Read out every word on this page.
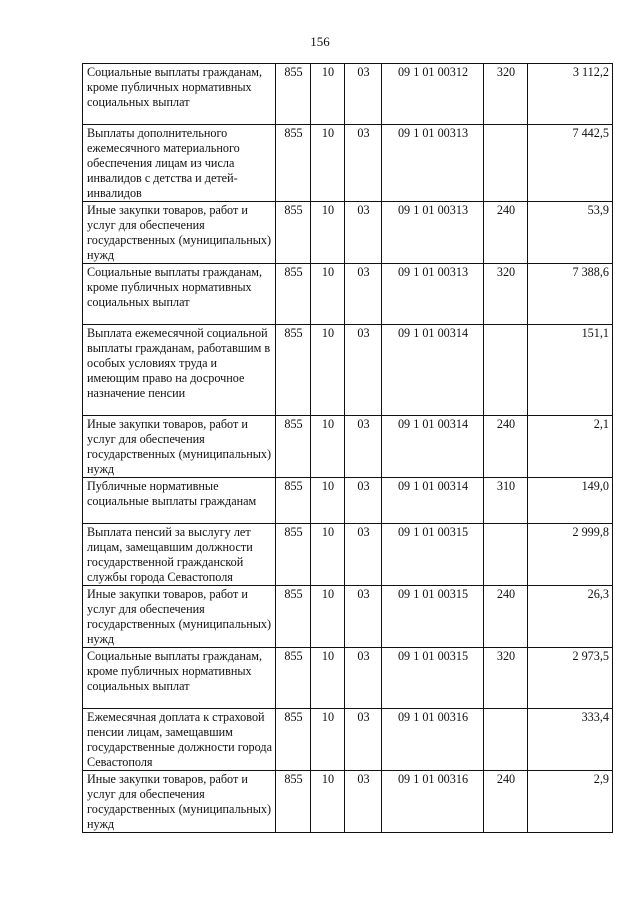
156
Социальные выплаты гражданам, кроме публичных нормативных социальных выплат	855	10	03	09 1 01 00312	320	3 112,2
Выплаты дополнительного ежемесячного материального обеспечения лицам из числа инвалидов с детства и детей-инвалидов	855	10	03	09 1 01 00313		7 442,5
Иные закупки товаров, работ и услуг для обеспечения государственных (муниципальных) нужд	855	10	03	09 1 01 00313	240	53,9
Социальные выплаты гражданам, кроме публичных нормативных социальных выплат	855	10	03	09 1 01 00313	320	7 388,6
Выплата ежемесячной социальной выплаты гражданам, работавшим в особых условиях труда и имеющим право на досрочное назначение пенсии	855	10	03	09 1 01 00314		151,1
Иные закупки товаров, работ и услуг для обеспечения государственных (муниципальных) нужд	855	10	03	09 1 01 00314	240	2,1
Публичные нормативные социальные выплаты гражданам	855	10	03	09 1 01 00314	310	149,0
Выплата пенсий за выслугу лет лицам, замещавшим должности государственной гражданской службы города Севастополя	855	10	03	09 1 01 00315		2 999,8
Иные закупки товаров, работ и услуг для обеспечения государственных (муниципальных) нужд	855	10	03	09 1 01 00315	240	26,3
Социальные выплаты гражданам, кроме публичных нормативных социальных выплат	855	10	03	09 1 01 00315	320	2 973,5
Ежемесячная доплата к страховой пенсии лицам, замещавшим государственные должности города Севастополя	855	10	03	09 1 01 00316		333,4
Иные закупки товаров, работ и услуг для обеспечения государственных (муниципальных) нужд	855	10	03	09 1 01 00316	240	2,9
